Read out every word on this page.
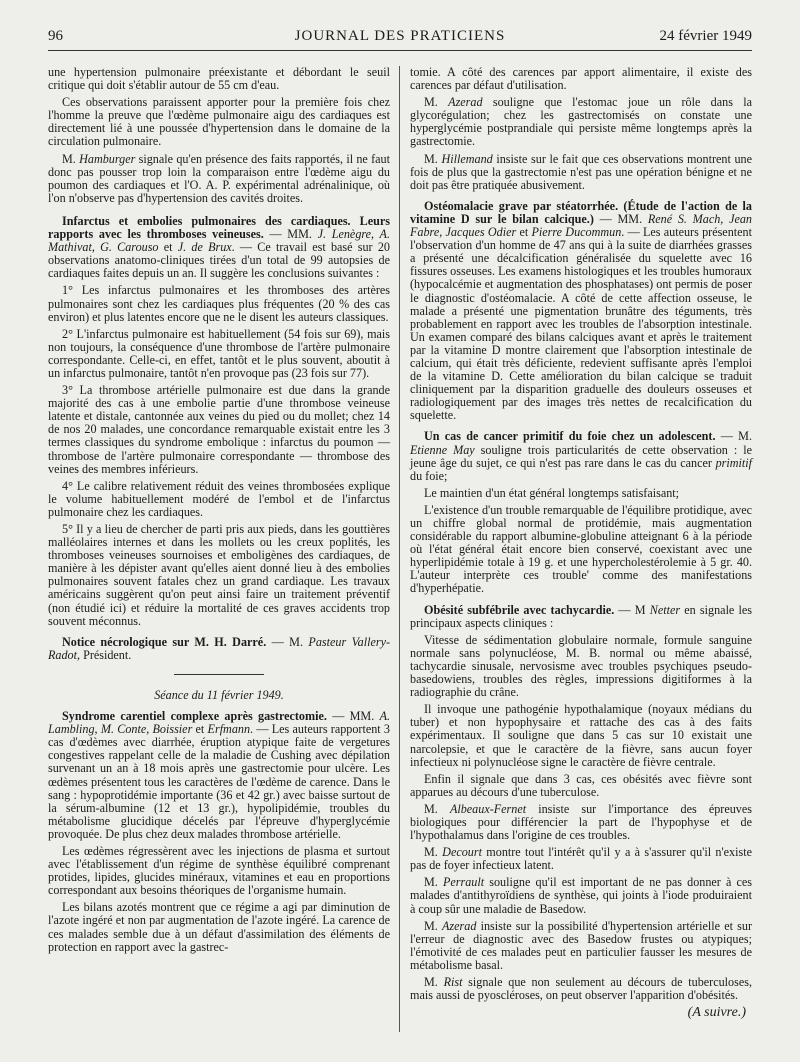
96	JOURNAL DES PRATICIENS	24 février 1949

une hypertension pulmonaire préexistante et débordant le seuil critique qui doit s'établir autour de 55 cm d'eau.

Ces observations paraissent apporter pour la première fois chez l'homme la preuve que l'œdème pulmonaire aigu des cardiaques est directement lié à une poussée d'hypertension dans le domaine de la circulation pulmonaire.

M. Hamburger signale qu'en présence des faits rapportés, il ne faut donc pas pousser trop loin la comparaison entre l'œdème aigu du poumon des cardiaques et l'O. A. P. expérimental adrénalinique, où l'on n'observe pas d'hypertension des cavités droites.

Infarctus et embolies pulmonaires des cardiaques. Leurs rapports avec les thromboses veineuses. — MM. J. Lenègre, A. Mathivat, G. Carouso et J. de Brux. — Ce travail est basé sur 20 observations anatomo-cliniques tirées d'un total de 99 autopsies de cardiaques faites depuis un an. Il suggère les conclusions suivantes :

1° Les infarctus pulmonaires et les thromboses des artères pulmonaires sont chez les cardiaques plus fréquentes (20 % des cas environ) et plus latentes encore que ne le disent les auteurs classiques.

2° L'infarctus pulmonaire est habituellement (54 fois sur 69), mais non toujours, la conséquence d'une thrombose de l'artère pulmonaire correspondante. Celle-ci, en effet, tantôt et le plus souvent, aboutit à un infarctus pulmonaire, tantôt n'en provoque pas (23 fois sur 77).

3° La thrombose artérielle pulmonaire est due dans la grande majorité des cas à une embolie partie d'une thrombose veineuse latente et distale, cantonnée aux veines du pied ou du mollet; chez 14 de nos 20 malades, une concordance remarquable existait entre les 3 termes classiques du syndrome embolique : infarctus du poumon — thrombose de l'artère pulmonaire correspondante — thrombose des veines des membres inférieurs.

4° Le calibre relativement réduit des veines thrombosées explique le volume habituellement modéré de l'embol et de l'infarctus pulmonaire chez les cardiaques.

5° Il y a lieu de chercher de parti pris aux pieds, dans les gouttières malléolaires internes et dans les mollets ou les creux poplités, les thromboses veineuses sournoises et emboligènes des cardiaques, de manière à les dépister avant qu'elles aient donné lieu à des embolies pulmonaires souvent fatales chez un grand cardiaque. Les travaux américains suggèrent qu'on peut ainsi faire un traitement préventif (non étudié ici) et réduire la mortalité de ces graves accidents trop souvent méconnus.

Notice nécrologique sur M. H. Darré. — M. Pasteur Vallery-Radot, Président.

Séance du 11 février 1949.

Syndrome carentiel complexe après gastrectomie. — MM. A. Lambling, M. Conte, Boissier et Erfmann. — Les auteurs rapportent 3 cas d'œdèmes avec diarrhée, éruption atypique faite de vergetures congestives rappelant celle de la maladie de Cushing avec dépilation survenant un an à 18 mois après une gastrectomie pour ulcère. Les œdèmes présentent tous les caractères de l'œdème de carence. Dans le sang : hypoprotidémie importante (36 et 42 gr.) avec baisse surtout de la sérum-albumine (12 et 13 gr.), hypolipidémie, troubles du métabolisme glucidique décelés par l'épreuve d'hyperglycémie provoquée. De plus chez deux malades thrombose artérielle.

Les œdèmes régressèrent avec les injections de plasma et surtout avec l'établissement d'un régime de synthèse équilibré comprenant protides, lipides, glucides minéraux, vitamines et eau en proportions correspondant aux besoins théoriques de l'organisme humain.

Les bilans azotés montrent que ce régime a agi par diminution de l'azote ingéré et non par augmentation de l'azote ingéré. La carence de ces malades semble due à un défaut d'assimilation des éléments de protection en rapport avec la gastrec-

tomie. A côté des carences par apport alimentaire, il existe des carences par défaut d'utilisation.

M. Azerad souligne que l'estomac joue un rôle dans la glycorégulation; chez les gastrectomisés on constate une hyperglycémie postprandiale qui persiste même longtemps après la gastrectomie.

M. Hillemand insiste sur le fait que ces observations montrent une fois de plus que la gastrectomie n'est pas une opération bénigne et ne doit pas être pratiquée abusivement.

Ostéomalacie grave par stéatorrhée. (Étude de l'action de la vitamine D sur le bilan calcique.) — MM. René S. Mach, Jean Fabre, Jacques Odier et Pierre Ducommun. — Les auteurs présentent l'observation d'un homme de 47 ans qui à la suite de diarrhées grasses a présenté une décalcification généralisée du squelette avec 16 fissures osseuses. Les examens histologiques et les troubles humoraux (hypocalcémie et augmentation des phosphatases) ont permis de poser le diagnostic d'ostéomalacie. A côté de cette affection osseuse, le malade a présenté une pigmentation brunâtre des téguments, très probablement en rapport avec les troubles de l'absorption intestinale. Un examen comparé des bilans calciques avant et après le traitement par la vitamine D montre clairement que l'absorption intestinale de calcium, qui était très déficiente, redevient suffisante après l'emploi de la vitamine D. Cette amélioration du bilan calcique se traduit cliniquement par la disparition graduelle des douleurs osseuses et radiologiquement par des images très nettes de recalcification du squelette.

Un cas de cancer primitif du foie chez un adolescent. — M. Etienne May souligne trois particularités de cette observation : le jeune âge du sujet, ce qui n'est pas rare dans le cas du cancer primitif du foie;

Le maintien d'un état général longtemps satisfaisant;

L'existence d'un trouble remarquable de l'équilibre protidique, avec un chiffre global normal de protidémie, mais augmentation considérable du rapport albumine-globuline atteignant 6 à la période où l'état général était encore bien conservé, coexistant avec une hyperlipidémie totale à 19 g. et une hypercholestérolemie à 5 gr. 40. L'auteur interprète ces trouble' comme des manifestations d'hyperhépatie.

Obésité subfébrile avec tachycardie. — M Netter en signale les principaux aspects cliniques :

Vitesse de sédimentation globulaire normale, formule sanguine normale sans polynucléose, M. B. normal ou même abaissé, tachycardie sinusale, nervosisme avec troubles psychiques pseudo-basedowiens, troubles des règles, impressions digitiformes à la radiographie du crâne.

Il invoque une pathogénie hypothalamique (noyaux médians du tuber) et non hypophysaire et rattache des cas à des faits expérimentaux. Il souligne que dans 5 cas sur 10 existait une narcolepsie, et que le caractère de la fièvre, sans aucun foyer infectieux ni polynucléose signe le caractère de fièvre centrale.

Enfin il signale que dans 3 cas, ces obésités avec fièvre sont apparues au décours d'une tuberculose.

M. Albeaux-Fernet insiste sur l'importance des épreuves biologiques pour différencier la part de l'hypophyse et de l'hypothalamus dans l'origine de ces troubles.

M. Decourt montre tout l'intérêt qu'il y a à s'assurer qu'il n'existe pas de foyer infectieux latent.

M. Perrault souligne qu'il est important de ne pas donner à ces malades d'antithyroïdiens de synthèse, qui joints à l'iode produiraient à coup sûr une maladie de Basedow.

M. Azerad insiste sur la possibilité d'hypertension artérielle et sur l'erreur de diagnostic avec des Basedow frustes ou atypiques; l'émotivité de ces malades peut en particulier fausser les mesures de métabolisme basal.

M. Rist signale que non seulement au décours de tuberculoses, mais aussi de pyoscléroses, on peut observer l'apparition d'obésités.

(A suivre.)
